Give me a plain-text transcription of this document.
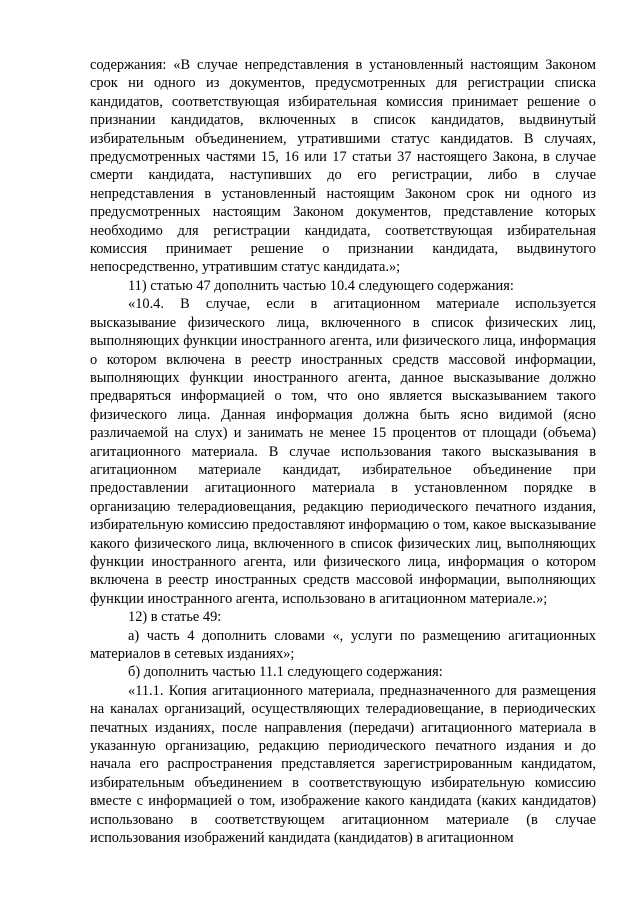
содержания: «В случае непредставления в установленный настоящим Законом срок ни одного из документов, предусмотренных для регистрации списка кандидатов, соответствующая избирательная комиссия принимает решение о признании кандидатов, включенных в список кандидатов, выдвинутый избирательным объединением, утратившими статус кандидатов. В случаях, предусмотренных частями 15, 16 или 17 статьи 37 настоящего Закона, в случае смерти кандидата, наступивших до его регистрации, либо в случае непредставления в установленный настоящим Законом срок ни одного из предусмотренных настоящим Законом документов, представление которых необходимо для регистрации кандидата, соответствующая избирательная комиссия принимает решение о признании кандидата, выдвинутого непосредственно, утратившим статус кандидата.»;

11) статью 47 дополнить частью 10.4 следующего содержания:

«10.4. В случае, если в агитационном материале используется высказывание физического лица, включенного в список физических лиц, выполняющих функции иностранного агента, или физического лица, информация о котором включена в реестр иностранных средств массовой информации, выполняющих функции иностранного агента, данное высказывание должно предваряться информацией о том, что оно является высказыванием такого физического лица. Данная информация должна быть ясно видимой (ясно различаемой на слух) и занимать не менее 15 процентов от площади (объема) агитационного материала. В случае использования такого высказывания в агитационном материале кандидат, избирательное объединение при предоставлении агитационного материала в установленном порядке в организацию телерадиовещания, редакцию периодического печатного издания, избирательную комиссию предоставляют информацию о том, какое высказывание какого физического лица, включенного в список физических лиц, выполняющих функции иностранного агента, или физического лица, информация о котором включена в реестр иностранных средств массовой информации, выполняющих функции иностранного агента, использовано в агитационном материале.»;

12) в статье 49:

а) часть 4 дополнить словами «, услуги по размещению агитационных материалов в сетевых изданиях»;

б) дополнить частью 11.1 следующего содержания:

«11.1. Копия агитационного материала, предназначенного для размещения на каналах организаций, осуществляющих телерадиовещание, в периодических печатных изданиях, после направления (передачи) агитационного материала в указанную организацию, редакцию периодического печатного издания и до начала его распространения представляется зарегистрированным кандидатом, избирательным объединением в соответствующую избирательную комиссию вместе с информацией о том, изображение какого кандидата (каких кандидатов) использовано в соответствующем агитационном материале (в случае использования изображений кандидата (кандидатов) в агитационном
